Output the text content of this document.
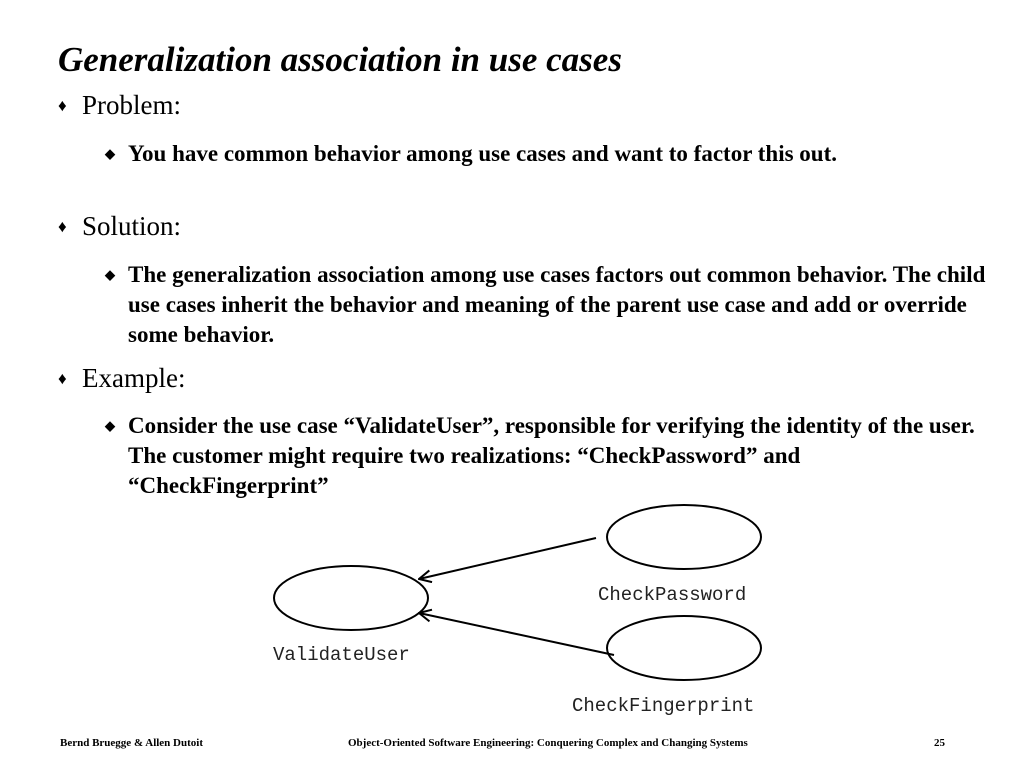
Generalization association in use cases
♦ Problem:
◆ You have common behavior among use cases and want to factor this out.
♦ Solution:
◆ The generalization association among use cases factors out common behavior. The child use cases inherit the behavior and meaning of the parent use case and add or override some behavior.
♦ Example:
◆ Consider the use case “ValidateUser”, responsible for verifying the identity of the user. The customer might require two realizations: “CheckPassword” and “CheckFingerprint”
ValidateUser
CheckPassword
CheckFingerprint
Bernd Bruegge & Allen Dutoit	Object-Oriented Software Engineering: Conquering Complex and Changing Systems	25
